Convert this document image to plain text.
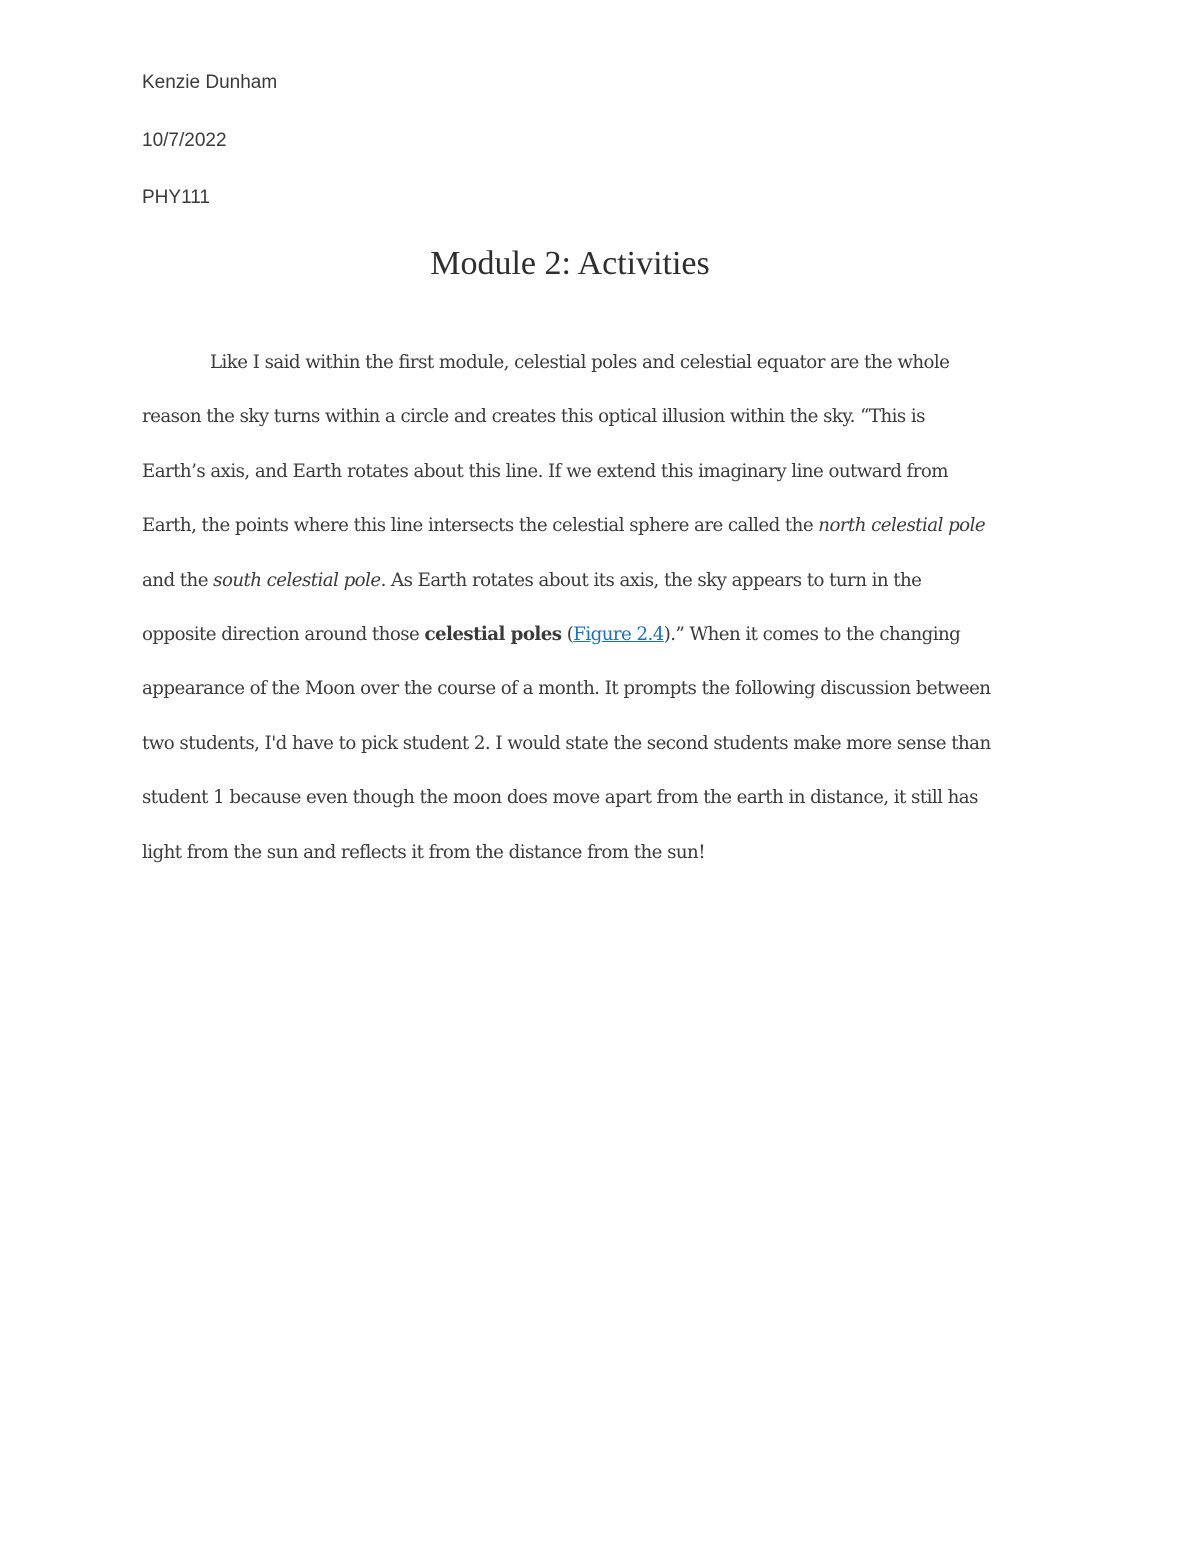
Kenzie Dunham
10/7/2022
PHY111
Module 2: Activities
Like I said within the first module, celestial poles and celestial equator are the whole
reason the sky turns within a circle and creates this optical illusion within the sky. “This is
Earth’s axis, and Earth rotates about this line. If we extend this imaginary line outward from
Earth, the points where this line intersects the celestial sphere are called the north celestial pole
and the south celestial pole. As Earth rotates about its axis, the sky appears to turn in the
opposite direction around those celestial poles (Figure 2.4).” When it comes to the changing
appearance of the Moon over the course of a month. It prompts the following discussion between
two students, I'd have to pick student 2. I would state the second students make more sense than
student 1 because even though the moon does move apart from the earth in distance, it still has
light from the sun and reflects it from the distance from the sun!
